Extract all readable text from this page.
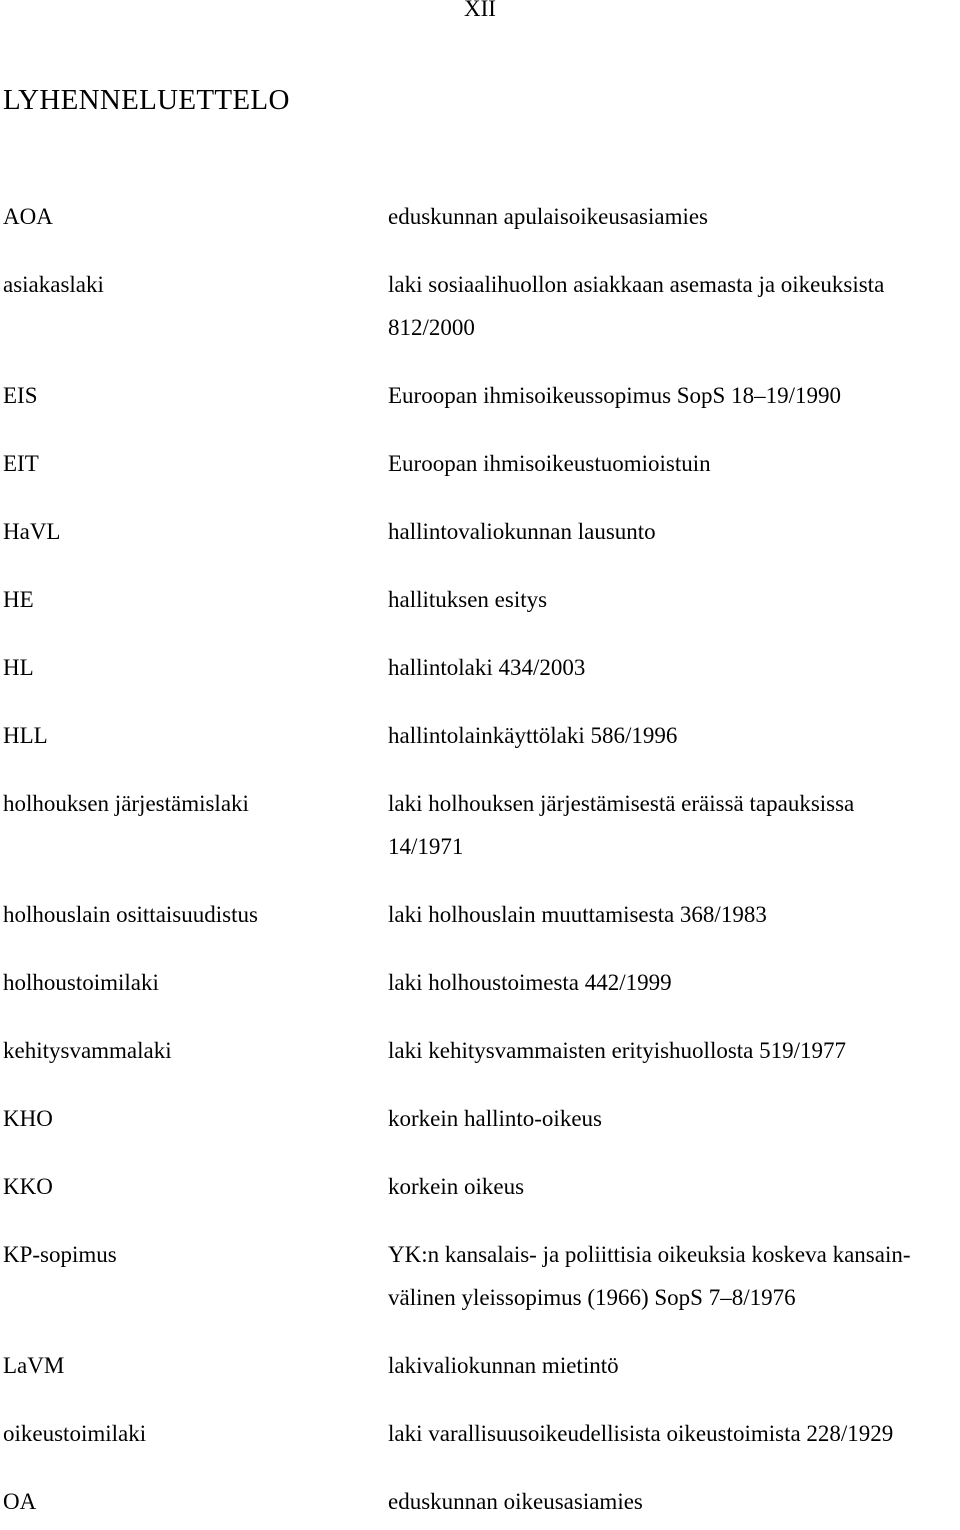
XII
LYHENNELUETTELO
AOA	eduskunnan apulaisoikeusasiamies
asiakaslaki	laki sosiaalihuollon asiakkaan asemasta ja oikeuksista
812/2000
EIS	Euroopan ihmisoikeussopimus SopS 18–19/1990
EIT	Euroopan ihmisoikeustuomioistuin
HaVL	hallintovaliokunnan lausunto
HE	hallituksen esitys
HL	hallintolaki 434/2003
HLL	hallintolainkäyttölaki 586/1996
holhouksen järjestämislaki	laki holhouksen järjestämisestä eräissä tapauksissa
14/1971
holhouslain osittaisuudistus	laki holhouslain muuttamisesta 368/1983
holhoustoimilaki	laki holhoustoimesta 442/1999
kehitysvammalaki	laki kehitysvammaisten erityishuollosta 519/1977
KHO	korkein hallinto-oikeus
KKO	korkein oikeus
KP-sopimus	YK:n kansalais- ja poliittisia oikeuksia koskeva kansain-
välinen yleissopimus (1966) SopS 7–8/1976
LaVM	lakivaliokunnan mietintö
oikeustoimilaki	laki varallisuusoikeudellisista oikeustoimista 228/1929
OA	eduskunnan oikeusasiamies
